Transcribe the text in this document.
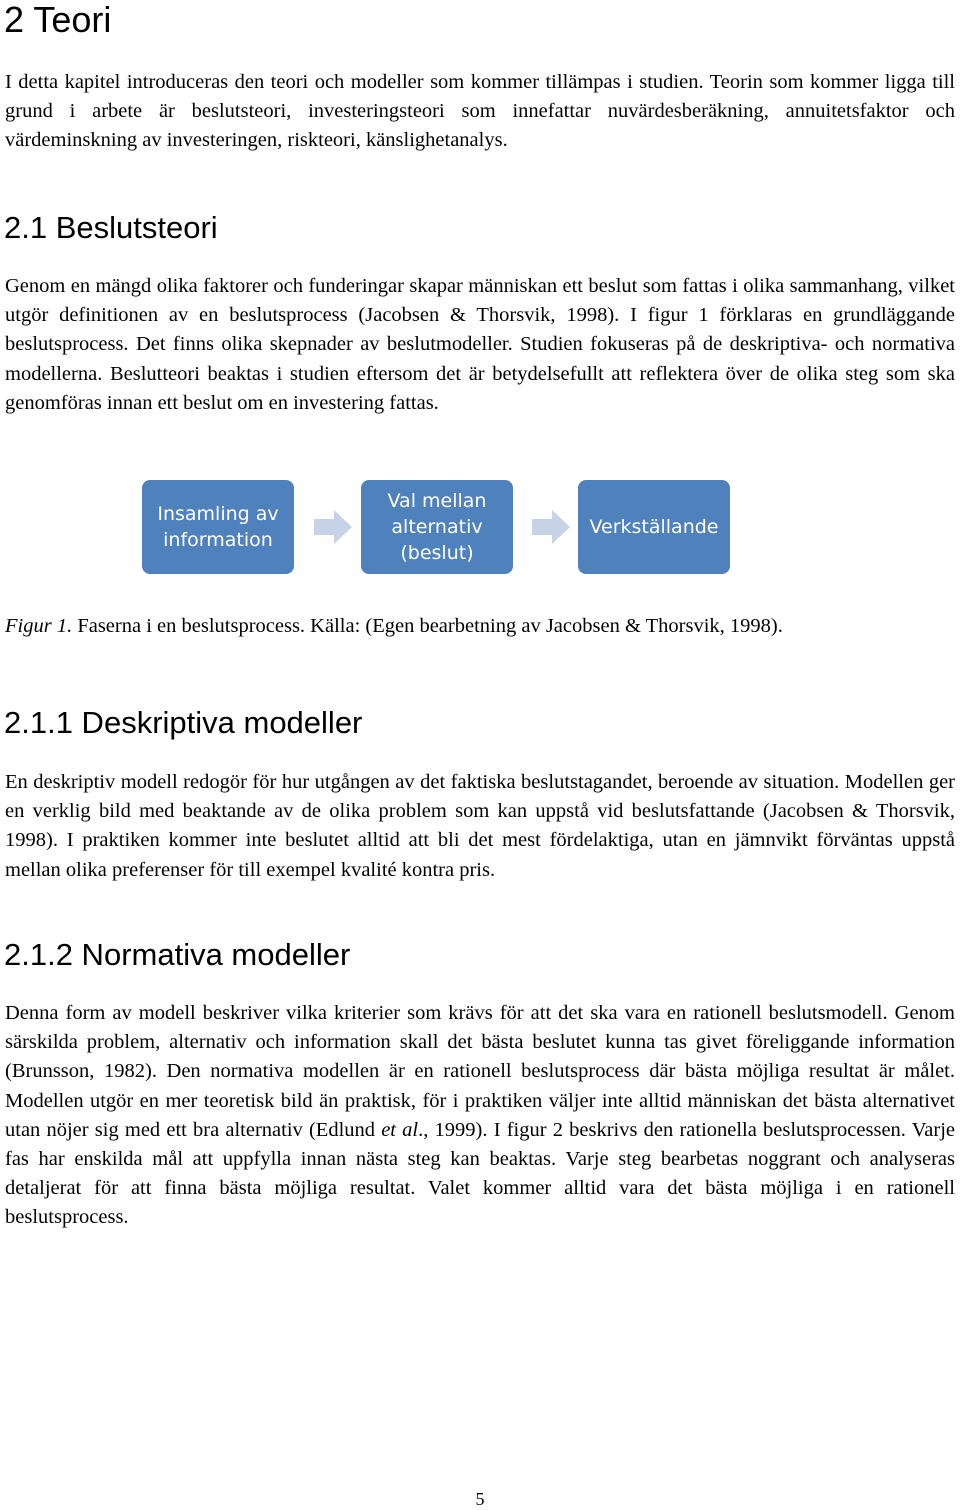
2 Teori

I detta kapitel introduceras den teori och modeller som kommer tillämpas i studien. Teorin som kommer ligga till grund i arbete är beslutsteori, investeringsteori som innefattar nuvärdesberäkning, annuitetsfaktor och värdeminskning av investeringen, riskteori, känslighetanalys.

2.1 Beslutsteori

Genom en mängd olika faktorer och funderingar skapar människan ett beslut som fattas i olika sammanhang, vilket utgör definitionen av en beslutsprocess (Jacobsen & Thorsvik, 1998). I figur 1 förklaras en grundläggande beslutsprocess. Det finns olika skepnader av beslutmodeller. Studien fokuseras på de deskriptiva- och normativa modellerna. Beslutteori beaktas i studien eftersom det är betydelsefullt att reflektera över de olika steg som ska genomföras innan ett beslut om en investering fattas.

Insamling av information
Val mellan alternativ (beslut)
Verkställande

Figur 1. Faserna i en beslutsprocess. Källa: (Egen bearbetning av Jacobsen & Thorsvik, 1998).

2.1.1 Deskriptiva modeller

En deskriptiv modell redogör för hur utgången av det faktiska beslutstagandet, beroende av situation. Modellen ger en verklig bild med beaktande av de olika problem som kan uppstå vid beslutsfattande (Jacobsen & Thorsvik, 1998). I praktiken kommer inte beslutet alltid att bli det mest fördelaktiga, utan en jämnvikt förväntas uppstå mellan olika preferenser för till exempel kvalité kontra pris.

2.1.2 Normativa modeller

Denna form av modell beskriver vilka kriterier som krävs för att det ska vara en rationell beslutsmodell. Genom särskilda problem, alternativ och information skall det bästa beslutet kunna tas givet föreliggande information (Brunsson, 1982). Den normativa modellen är en rationell beslutsprocess där bästa möjliga resultat är målet. Modellen utgör en mer teoretisk bild än praktisk, för i praktiken väljer inte alltid människan det bästa alternativet utan nöjer sig med ett bra alternativ (Edlund et al., 1999). I figur 2 beskrivs den rationella beslutsprocessen. Varje fas har enskilda mål att uppfylla innan nästa steg kan beaktas. Varje steg bearbetas noggrant och analyseras detaljerat för att finna bästa möjliga resultat. Valet kommer alltid vara det bästa möjliga i en rationell beslutsprocess.

5
